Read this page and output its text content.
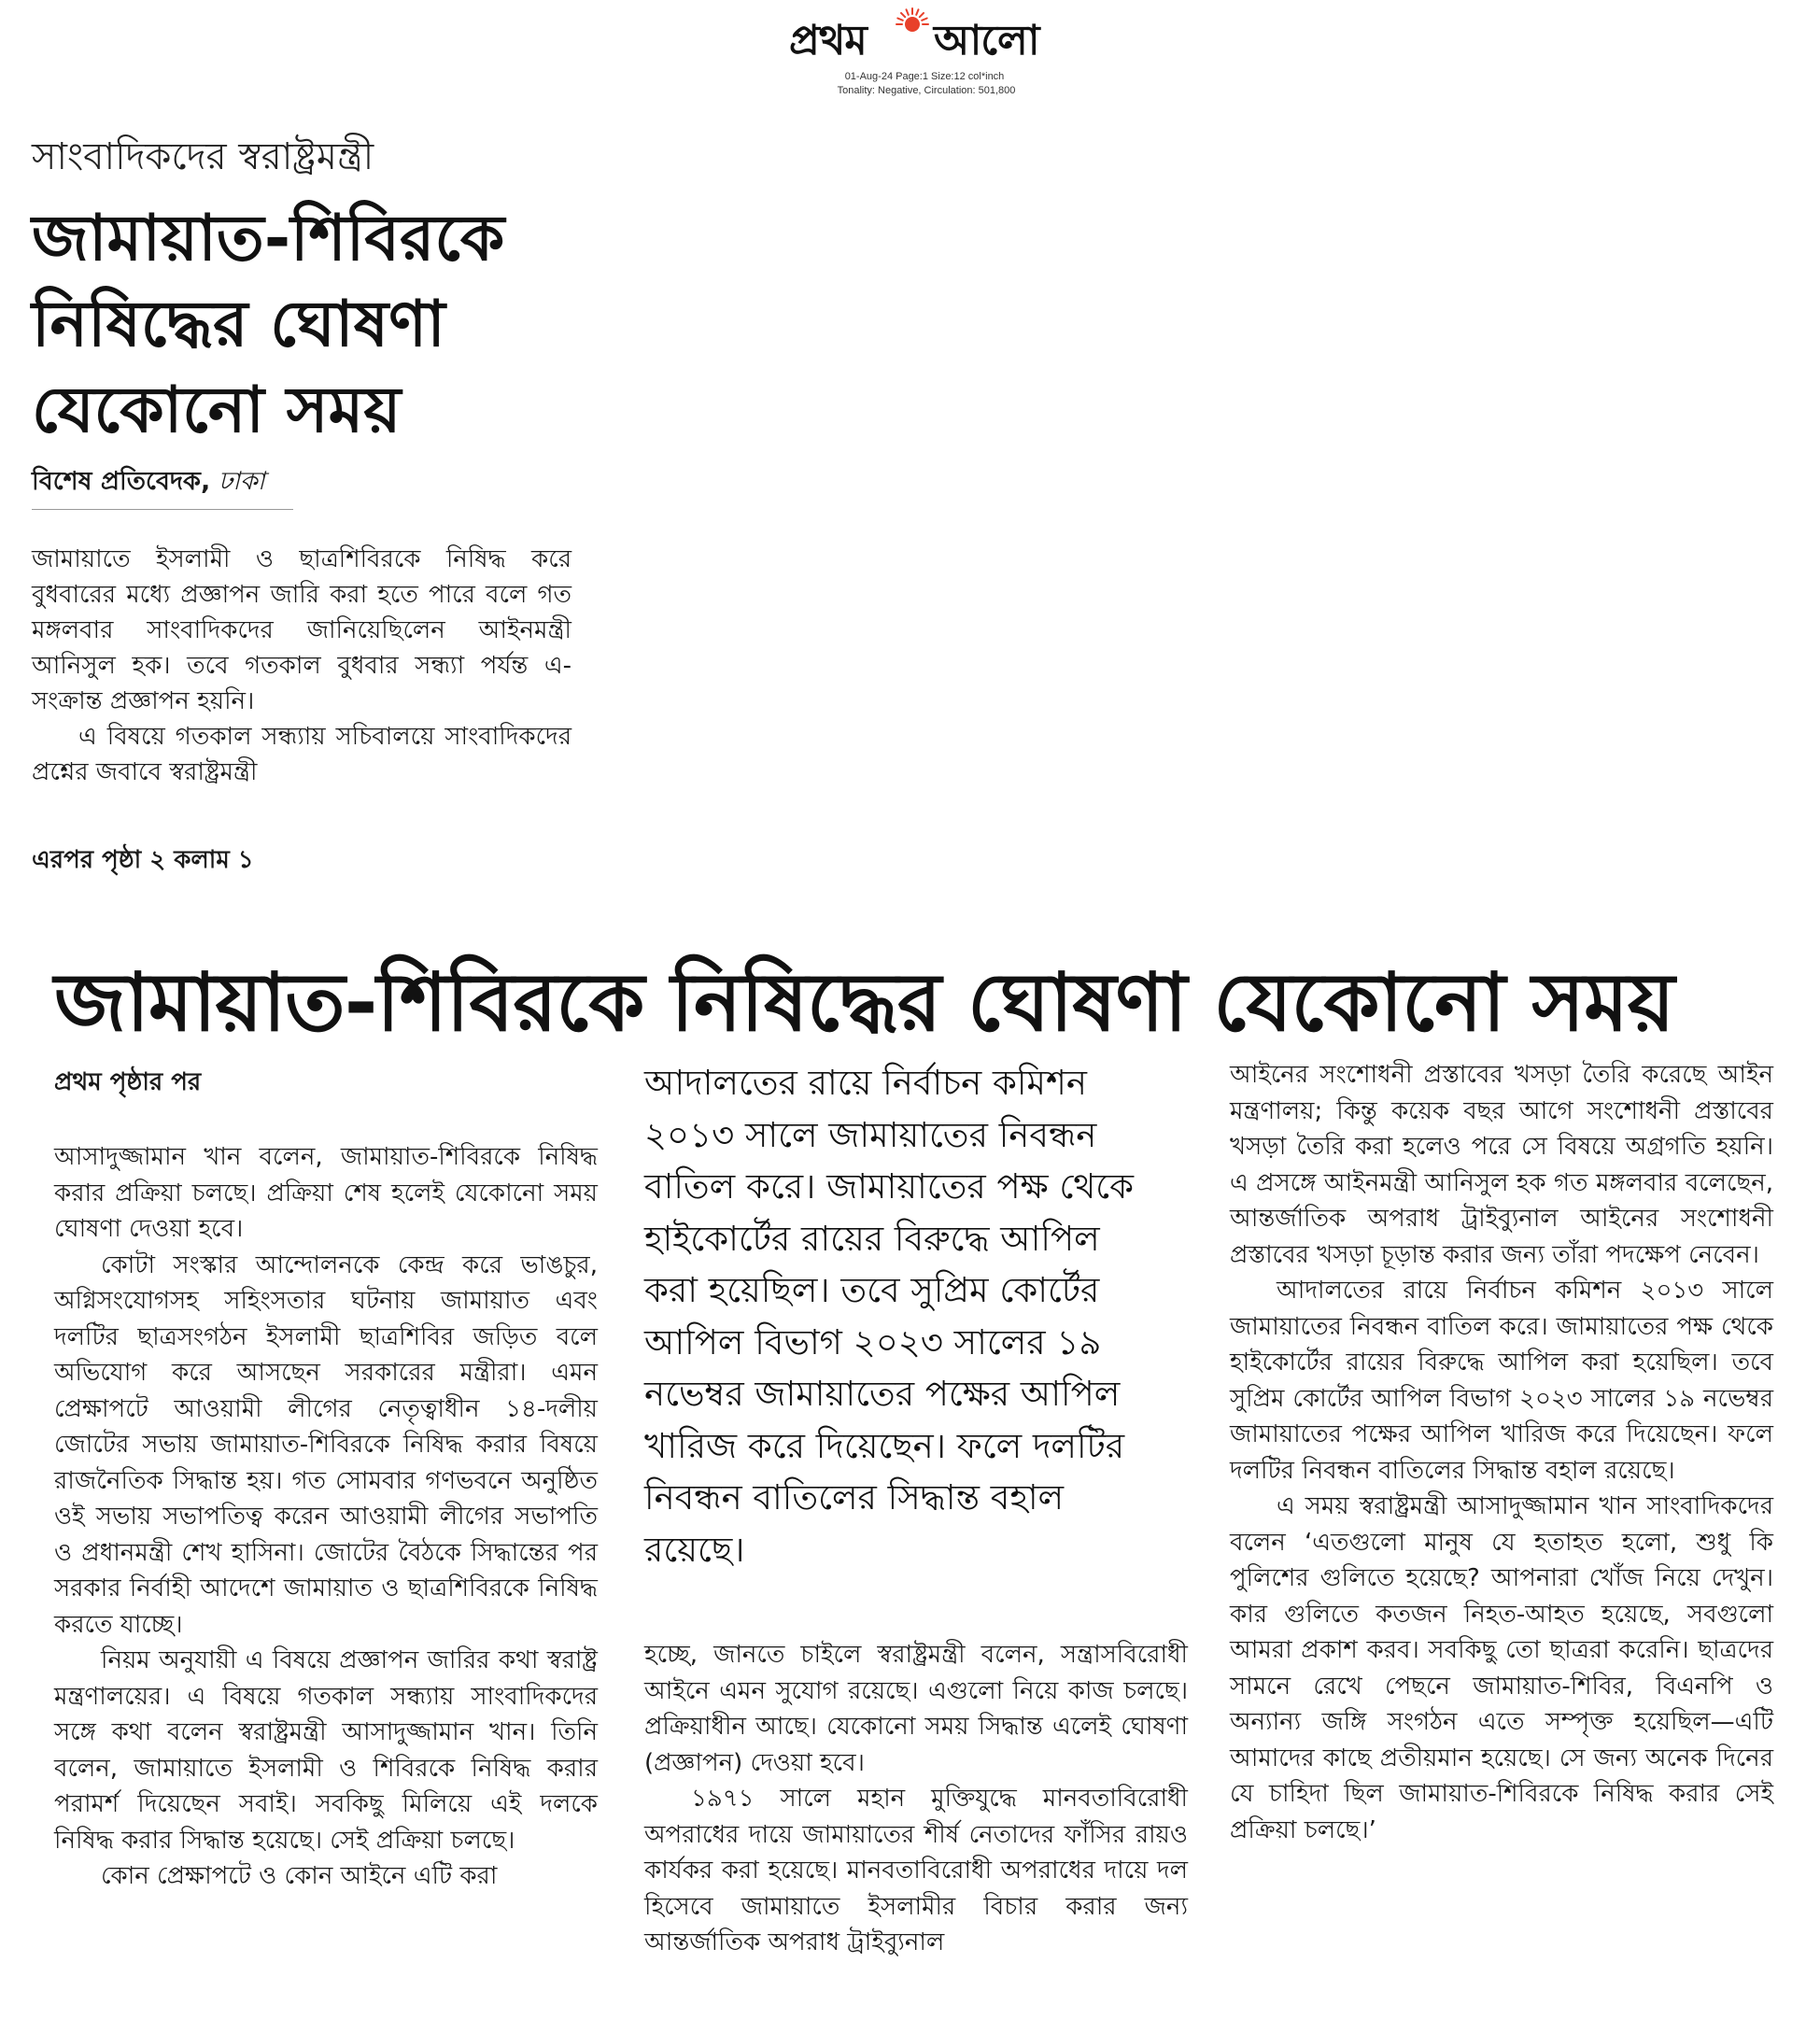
প্রথম আলো
01-Aug-24 Page:1 Size:12 col*inch
Tonality: Negative, Circulation: 501,800
সাংবাদিকদের স্বরাষ্ট্রমন্ত্রী
জামায়াত-শিবিরকে
নিষিদ্ধের ঘোষণা
যেকোনো সময়
বিশেষ প্রতিবেদক, ঢাকা

জামায়াতে ইসলামী ও ছাত্রশিবিরকে নিষিদ্ধ করে বুধবারের মধ্যে প্রজ্ঞাপন জারি করা হতে পারে বলে গত মঙ্গলবার সাংবাদিকদের জানিয়েছিলেন আইনমন্ত্রী আনিসুল হক। তবে গতকাল বুধবার সন্ধ্যা পর্যন্ত এ-সংক্রান্ত প্রজ্ঞাপন হয়নি।

এ বিষয়ে গতকাল সন্ধ্যায় সচিবালয়ে সাংবাদিকদের প্রশ্নের জবাবে স্বরাষ্ট্রমন্ত্রী

এরপর পৃষ্ঠা ২ কলাম ১
জামায়াত-শিবিরকে নিষিদ্ধের ঘোষণা যেকোনো সময়
প্রথম পৃষ্ঠার পর

আসাদুজ্জামান খান বলেন, জামায়াত-শিবিরকে নিষিদ্ধ করার প্রক্রিয়া চলছে। প্রক্রিয়া শেষ হলেই যেকোনো সময় ঘোষণা দেওয়া হবে।

কোটা সংস্কার আন্দোলনকে কেন্দ্র করে ভাঙচুর, অগ্নিসংযোগসহ সহিংসতার ঘটনায় জামায়াত এবং দলটির ছাত্রসংগঠন ইসলামী ছাত্রশিবির জড়িত বলে অভিযোগ করে আসছেন সরকারের মন্ত্রীরা। এমন প্রেক্ষাপটে আওয়ামী লীগের নেতৃত্বাধীন ১৪-দলীয় জোটের সভায় জামায়াত-শিবিরকে নিষিদ্ধ করার বিষয়ে রাজনৈতিক সিদ্ধান্ত হয়। গত সোমবার গণভবনে অনুষ্ঠিত ওই সভায় সভাপতিত্ব করেন আওয়ামী লীগের সভাপতি ও প্রধানমন্ত্রী শেখ হাসিনা। জোটের বৈঠকে সিদ্ধান্তের পর সরকার নির্বাহী আদেশে জামায়াত ও ছাত্রশিবিরকে নিষিদ্ধ করতে যাচ্ছে।

নিয়ম অনুযায়ী এ বিষয়ে প্রজ্ঞাপন জারির কথা স্বরাষ্ট্র মন্ত্রণালয়ের। এ বিষয়ে গতকাল সন্ধ্যায় সাংবাদিকদের সঙ্গে কথা বলেন স্বরাষ্ট্রমন্ত্রী আসাদুজ্জামান খান। তিনি বলেন, জামায়াতে ইসলামী ও শিবিরকে নিষিদ্ধ করার পরামর্শ দিয়েছেন সবাই। সবকিছু মিলিয়ে এই দলকে নিষিদ্ধ করার সিদ্ধান্ত হয়েছে। সেই প্রক্রিয়া চলছে।

কোন প্রেক্ষাপটে ও কোন আইনে এটি করা

আদালতের রায়ে নির্বাচন কমিশন ২০১৩ সালে জামায়াতের নিবন্ধন বাতিল করে। জামায়াতের পক্ষ থেকে হাইকোর্টের রায়ের বিরুদ্ধে আপিল করা হয়েছিল। তবে সুপ্রিম কোর্টের আপিল বিভাগ ২০২৩ সালের ১৯ নভেম্বর জামায়াতের পক্ষের আপিল খারিজ করে দিয়েছেন। ফলে দলটির নিবন্ধন বাতিলের সিদ্ধান্ত বহাল রয়েছে।

হচ্ছে, জানতে চাইলে স্বরাষ্ট্রমন্ত্রী বলেন, সন্ত্রাসবিরোধী আইনে এমন সুযোগ রয়েছে। এগুলো নিয়ে কাজ চলছে। প্রক্রিয়াধীন আছে। যেকোনো সময় সিদ্ধান্ত এলেই ঘোষণা (প্রজ্ঞাপন) দেওয়া হবে।

১৯৭১ সালে মহান মুক্তিযুদ্ধে মানবতাবিরোধী অপরাধের দায়ে জামায়াতের শীর্ষ নেতাদের ফাঁসির রায়ও কার্যকর করা হয়েছে। মানবতাবিরোধী অপরাধের দায়ে দল হিসেবে জামায়াতে ইসলামীর বিচার করার জন্য আন্তর্জাতিক অপরাধ ট্রাইব্যুনাল

আইনের সংশোধনী প্রস্তাবের খসড়া তৈরি করেছে আইন মন্ত্রণালয়; কিন্তু কয়েক বছর আগে সংশোধনী প্রস্তাবের খসড়া তৈরি করা হলেও পরে সে বিষয়ে অগ্রগতি হয়নি। এ প্রসঙ্গে আইনমন্ত্রী আনিসুল হক গত মঙ্গলবার বলেছেন, আন্তর্জাতিক অপরাধ ট্রাইব্যুনাল আইনের সংশোধনী প্রস্তাবের খসড়া চূড়ান্ত করার জন্য তাঁরা পদক্ষেপ নেবেন।

আদালতের রায়ে নির্বাচন কমিশন ২০১৩ সালে জামায়াতের নিবন্ধন বাতিল করে। জামায়াতের পক্ষ থেকে হাইকোর্টের রায়ের বিরুদ্ধে আপিল করা হয়েছিল। তবে সুপ্রিম কোর্টের আপিল বিভাগ ২০২৩ সালের ১৯ নভেম্বর জামায়াতের পক্ষের আপিল খারিজ করে দিয়েছেন। ফলে দলটির নিবন্ধন বাতিলের সিদ্ধান্ত বহাল রয়েছে।

এ সময় স্বরাষ্ট্রমন্ত্রী আসাদুজ্জামান খান সাংবাদিকদের বলেন ‘এতগুলো মানুষ যে হতাহত হলো, শুধু কি পুলিশের গুলিতে হয়েছে? আপনারা খোঁজ নিয়ে দেখুন। কার গুলিতে কতজন নিহত-আহত হয়েছে, সবগুলো আমরা প্রকাশ করব। সবকিছু তো ছাত্ররা করেনি। ছাত্রদের সামনে রেখে পেছনে জামায়াত-শিবির, বিএনপি ও অন্যান্য জঙ্গি সংগঠন এতে সম্পৃক্ত হয়েছিল—এটি আমাদের কাছে প্রতীয়মান হয়েছে। সে জন্য অনেক দিনের যে চাহিদা ছিল জামায়াত-শিবিরকে নিষিদ্ধ করার সেই প্রক্রিয়া চলছে।’
